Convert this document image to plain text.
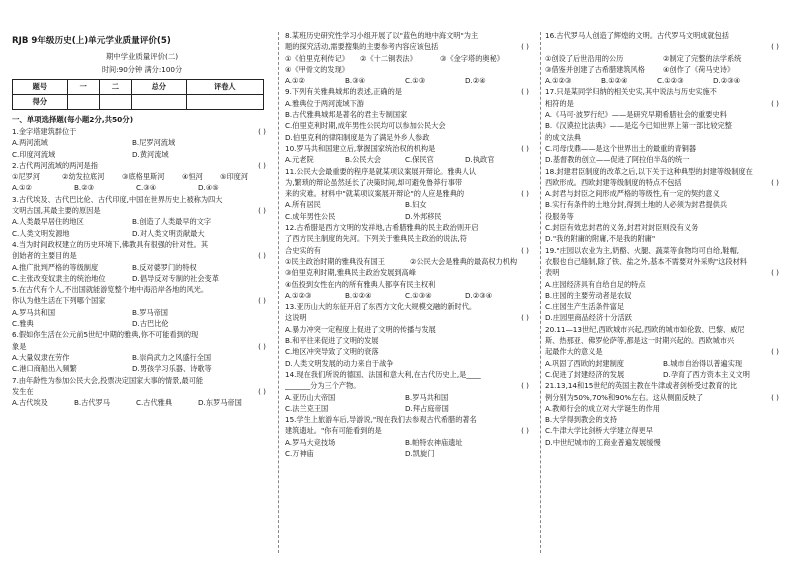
RJB 9年级历史(上)单元学业质量评价(5)
期中学业质量评价(二)
时间:90分钟 满分:100分
题号	一	二	总分	评卷人
得分				
一、单项选择题(每小题2分,共50分)
1.金字塔建筑群位于	( )
A.两河流域	B.尼罗河流域
C.印度河流域	D.黄河流域
2.古代两河流域的两河是指	( )
①尼罗河	②幼发拉底河 ③底格里斯河 ④恒河 ⑤印度河
A.①②	B.②③	C.③④	D.④⑤
3.古代埃及、古代巴比伦、古代印度,中国在世界历史上被称为四大
文明古国,其最主要的原因是	( )
A.人类最早居住的地区	B.创造了人类最早的文字
C.人类文明发源地	D.对人类文明贡献最大
4.当为时间政权建立的历史环境下,佛教具有很强的针对性。其
创始者的主要目的是	( )
A.推广批判严格的等级制度	B.反对婆罗门的特权
C.主张改变奴隶主的统治地位	D.倡导反对专制的社会变革
5.在古代有个人,不出国就能游览整个地中海沿岸各地的风光。
你认为他生活在下列哪个国家	( )
A.罗马共和国	B.罗马帝国
C.雅典	D.古巴比伦
6.假如你生活在公元前5世纪中期的雅典,你不可能看到的现
象是	( )
A.大量奴隶在劳作	B.崇尚武力之风盛行全国
C.港口商船出入频繁	D.男孩学习乐器、诗歌等
7.由年龄性为参加公民大会,投票决定国家大事的情景,最可能
发生在	( )
A.古代埃及	B.古代罗马	C.古代雅典	D.东罗马帝国
8.某班历史研究性学习小组开展了以"蓝色的地中海文明"为主
题的探究活动,需要搜集的主要参考内容应该包括	( )
①《伯里克利传记》 ②《十二铜表法》	③《金字塔的奥秘》
④《甲骨文的发现》
A.①②	B.③④	C.①③	D.②④
9.下列有关雅典城邦的表述,正确的是	( )
A.雅典位于两河流域下游
B.古代雅典城邦是著名的君主专制国家
C.伯里克利时期,成年男性公民均可以参加公民大会
D.伯里克利的律阳制度是为了满足外乡人参政
10.罗马共和国建立后,掌握国家统治权的机构是	( )
A.元老院	B.公民大会	C.保民官	D.执政官
11.公民大会最重要的程序是就某项议案展开辩论。雅典人认
为,繁琐的辩论虽然延长了决策时间,却可避免鲁莽行事带
来的灾难。材料中"就某项议案展开辩论"的人应是雅典的	( )
A.所有居民	B.妇女
C.成年男性公民	D.外邦移民
12.古希腊是西方文明的发祥地,古希腊雅典的民主政治则开启
了西方民主制度的先河。下列关于雅典民主政治的说法,符
合史实的有	( )
①民主政治时期的雅典没有国王	②公民大会是雅典的最高权力机构
③伯里克利时期,雅典民主政治发展到高峰
④伍投到女性在内的所有雅典人都享有民主权利
A.①②③	B.①②④	C.①③④	D.②③④
13.亚历山大的东征开启了东西方文化大规模交融的新时代。
这说明	( )
A.暴力冲突一定程度上促进了文明的传播与发展
B.和平往来促进了文明的发展
C.地区冲突导致了文明的衰落
D.人类文明发展的动力来自于战争
14.现在我们所说的德国、法国和意大利,在古代历史上,是____
_______分为三个产物。	( )
A.亚历山大帝国	B.罗马共和国
C.法兰克王国	D.拜占庭帝国
15.学生上旅游车后,导游说,"现在我们去参观古代希腊的著名
建筑遗址。"你有可能看到的是	( )
A.罗马大竞技场	B.帕特农神庙遗址
C.万神庙	D.凯旋门
16.古代罗马人创造了辉煌的文明。古代罗马文明成就包括
( )
①创设了后世沿用的公历	②制定了完整的法学系统
③借鉴并创建了古希腊建筑风格	④创作了《荷马史诗》
A.①②③	B.①②④	C.①②③	D.②③④
17.只是某同学归纳的相关史实,其中说法与历史实施不
相符的是	( )
A.《马可·波罗行纪》——是研究早期希腊社会的重要史料
B.《汉谟拉比法典》——是迄今已知世界上第一部比较完整
的成文法典
C.司母戊鼎——是这个世界出土的最重的青铜器
D.基督教的创立——促进了阿拉伯半岛的统一
18.封建君臣制度的改革之后,以下关于这种典型的封建等级制度在
西欧形成。西欧封建等级制度的特点不包括	( )
A.封君与封臣之间形成严格的等级性,有一定的契约意义
B.实行有条件的土地分封,得到土地的人必须为封君提供兵
役服务等
C.封臣有效忠封君的义务,封君对封臣则没有义务
D."我的附庸的附庸,不是我的附庸"
19."庄园以农业为主,奶酪、火腿、蔬菜等食物均可自给,鞋帽,
衣服也自己缝制,除了铁、盐之外,基本不需要对外采购"这段材料
表明	( )
A.庄园经济具有自给自足的特点
B.庄园的主要劳动者是农奴
C.庄园生产生活条件富足
D.庄园里商品经济十分活跃
20.11—13世纪,西欧城市兴起,西欧的城市如伦敦、巴黎、威尼
斯、热那亚、佛罗伦萨等,都是这一时期兴起的。西欧城市兴
起最作大的意义是	( )
A.巩固了西欧的封建制度	B.城市自治得以普遍实现
C.促进了封建经济的发展	D.孕育了西方资本主义文明
21.13,14和15世纪的英国主教在牛津或者剑桥受过教育的比
例分别为50%,70%和90%左右。这从侧面反映了	( )
A.教师行会的成立对大学诞生的作用
B.大学得到教会的支持
C.牛津大学比剑桥大学建立得更早
D.中世纪城市的工商业普遍发展缓慢
